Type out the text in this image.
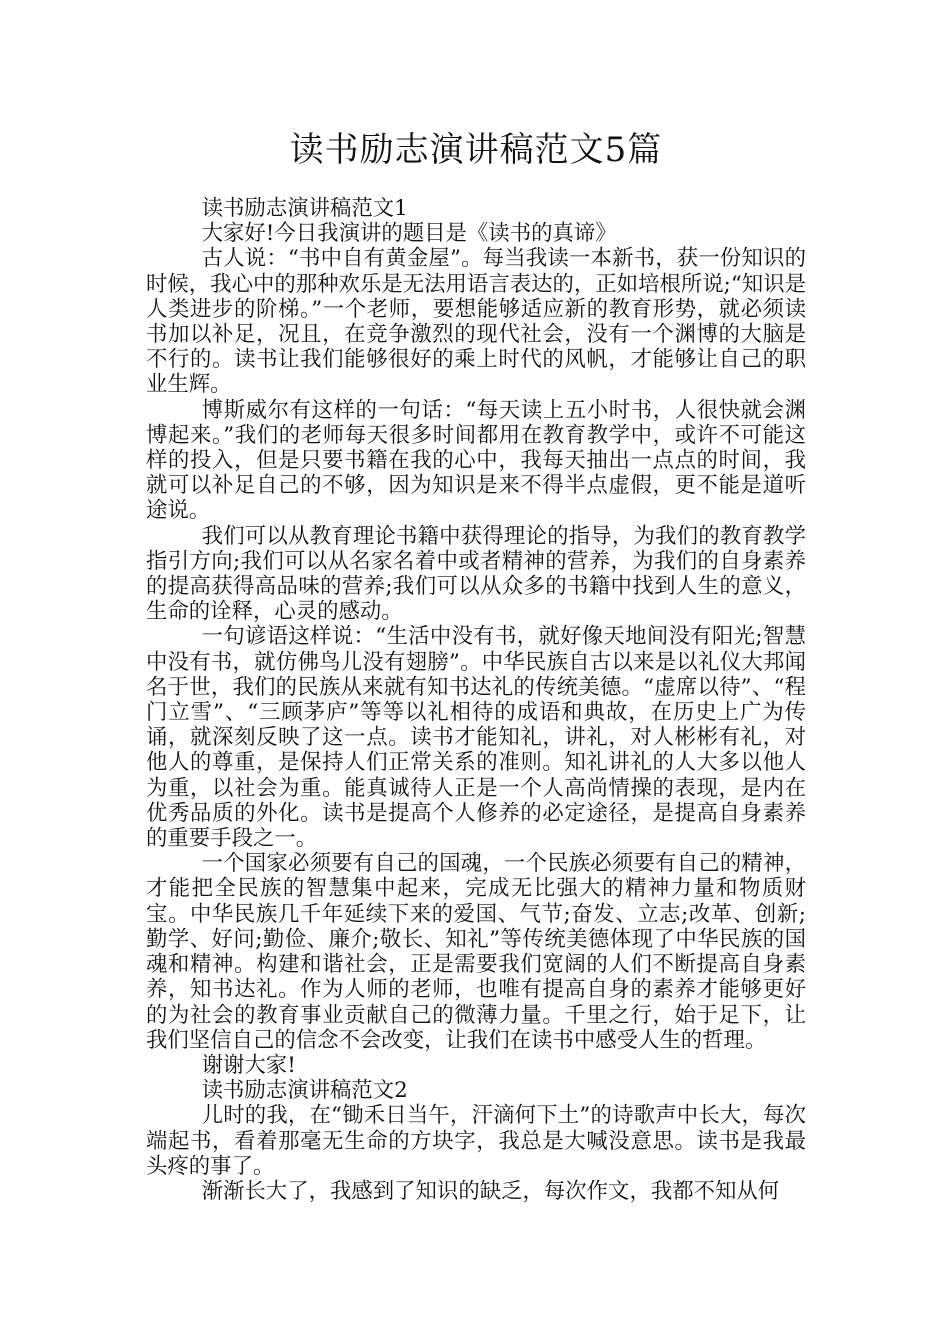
读书励志演讲稿范文5篇

读书励志演讲稿范文1

大家好!今日我演讲的题目是《读书的真谛》

古人说：“书中自有黄金屋”。每当我读一本新书，获一份知识的时候，我心中的那种欢乐是无法用语言表达的，正如培根所说;“知识是人类进步的阶梯。”一个老师，要想能够适应新的教育形势，就必须读书加以补足，况且，在竞争激烈的现代社会，没有一个渊博的大脑是不行的。读书让我们能够很好的乘上时代的风帆，才能够让自己的职业生辉。

博斯威尔有这样的一句话：“每天读上五小时书，人很快就会渊博起来。”我们的老师每天很多时间都用在教育教学中，或许不可能这样的投入，但是只要书籍在我的心中，我每天抽出一点点的时间，我就可以补足自己的不够，因为知识是来不得半点虚假，更不能是道听途说。

我们可以从教育理论书籍中获得理论的指导，为我们的教育教学指引方向;我们可以从名家名着中或者精神的营养，为我们的自身素养的提高获得高品味的营养;我们可以从众多的书籍中找到人生的意义，生命的诠释，心灵的感动。

一句谚语这样说：“生活中没有书，就好像天地间没有阳光;智慧中没有书，就仿佛鸟儿没有翅膀”。中华民族自古以来是以礼仪大邦闻名于世，我们的民族从来就有知书达礼的传统美德。“虚席以待”、“程门立雪”、“三顾茅庐”等等以礼相待的成语和典故，在历史上广为传诵，就深刻反映了这一点。读书才能知礼，讲礼，对人彬彬有礼，对他人的尊重，是保持人们正常关系的准则。知礼讲礼的人大多以他人为重，以社会为重。能真诚待人正是一个人高尚情操的表现，是内在优秀品质的外化。读书是提高个人修养的必定途径，是提高自身素养的重要手段之一。

一个国家必须要有自己的国魂，一个民族必须要有自己的精神，才能把全民族的智慧集中起来，完成无比强大的精神力量和物质财宝。中华民族几千年延续下来的爱国、气节;奋发、立志;改革、创新;勤学、好问;勤俭、廉介;敬长、知礼”等传统美德体现了中华民族的国魂和精神。构建和谐社会，正是需要我们宽阔的人们不断提高自身素养，知书达礼。作为人师的老师，也唯有提高自身的素养才能够更好的为社会的教育事业贡献自己的微薄力量。千里之行，始于足下，让我们坚信自己的信念不会改变，让我们在读书中感受人生的哲理。

谢谢大家!

读书励志演讲稿范文2

儿时的我，在“锄禾日当午，汗滴何下土”的诗歌声中长大，每次端起书，看着那毫无生命的方块字，我总是大喊没意思。读书是我最头疼的事了。

渐渐长大了，我感到了知识的缺乏，每次作文，我都不知从何
